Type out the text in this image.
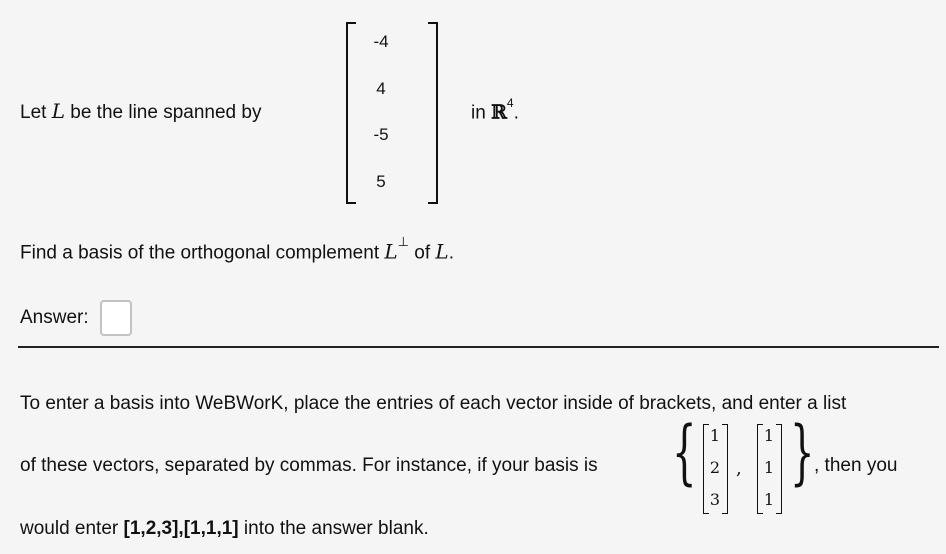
Let L be the line spanned by
-4
4
-5
5
in ℝ$^4$.
Find a basis of the orthogonal complement L⊥ of L.
Answer:
To enter a basis into WeBWorK, place the entries of each vector inside of brackets, and enter a list
of these vectors, separated by commas. For instance, if your basis is { 1
2
3
,
1
1
1
} , then you
would enter [1,2,3],[1,1,1] into the answer blank.
